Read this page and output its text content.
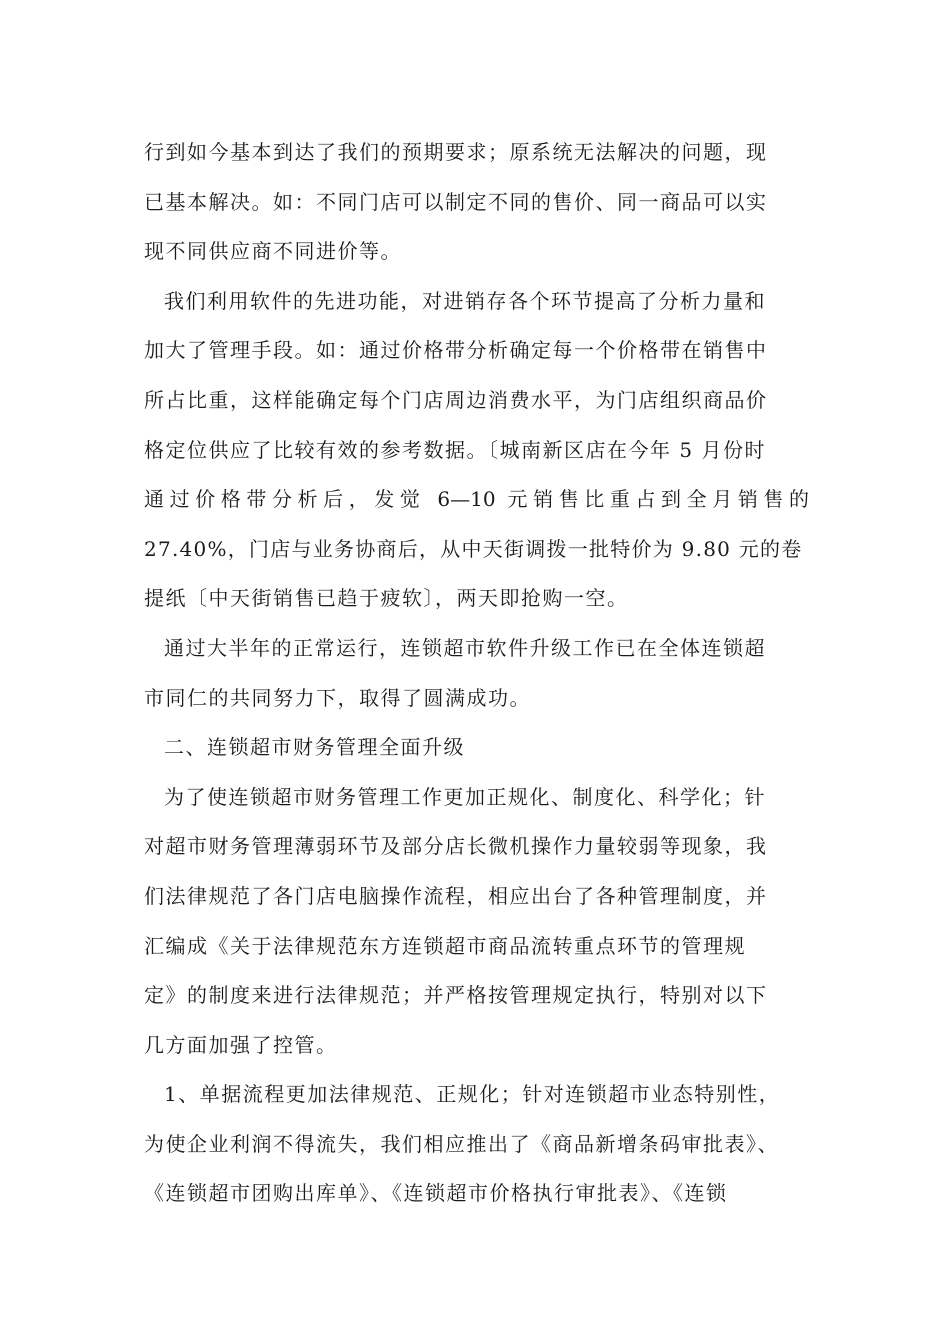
行到如今基本到达了我们的预期要求；原系统无法解决的问题，现
已基本解决。如：不同门店可以制定不同的售价、同一商品可以实
现不同供应商不同进价等。
我们利用软件的先进功能，对进销存各个环节提高了分析力量和
加大了管理手段。如：通过价格带分析确定每一个价格带在销售中
所占比重，这样能确定每个门店周边消费水平，为门店组织商品价
格定位供应了比较有效的参考数据。〔城南新区店在今年 5 月份时
通过价格带分析后，发觉 6—10 元销售比重占到全月销售的
27.40%，门店与业务协商后，从中天街调拨一批特价为 9.80 元的卷
提纸〔中天街销售已趋于疲软〕，两天即抢购一空。
通过大半年的正常运行，连锁超市软件升级工作已在全体连锁超
市同仁的共同努力下，取得了圆满成功。
二、连锁超市财务管理全面升级
为了使连锁超市财务管理工作更加正规化、制度化、科学化；针
对超市财务管理薄弱环节及部分店长微机操作力量较弱等现象，我
们法律规范了各门店电脑操作流程，相应出台了各种管理制度，并
汇编成《关于法律规范东方连锁超市商品流转重点环节的管理规
定》的制度来进行法律规范；并严格按管理规定执行，特别对以下
几方面加强了控管。
1、单据流程更加法律规范、正规化；针对连锁超市业态特别性，
为使企业利润不得流失，我们相应推出了《商品新增条码审批表》、
《连锁超市团购出库单》、《连锁超市价格执行审批表》、《连锁
